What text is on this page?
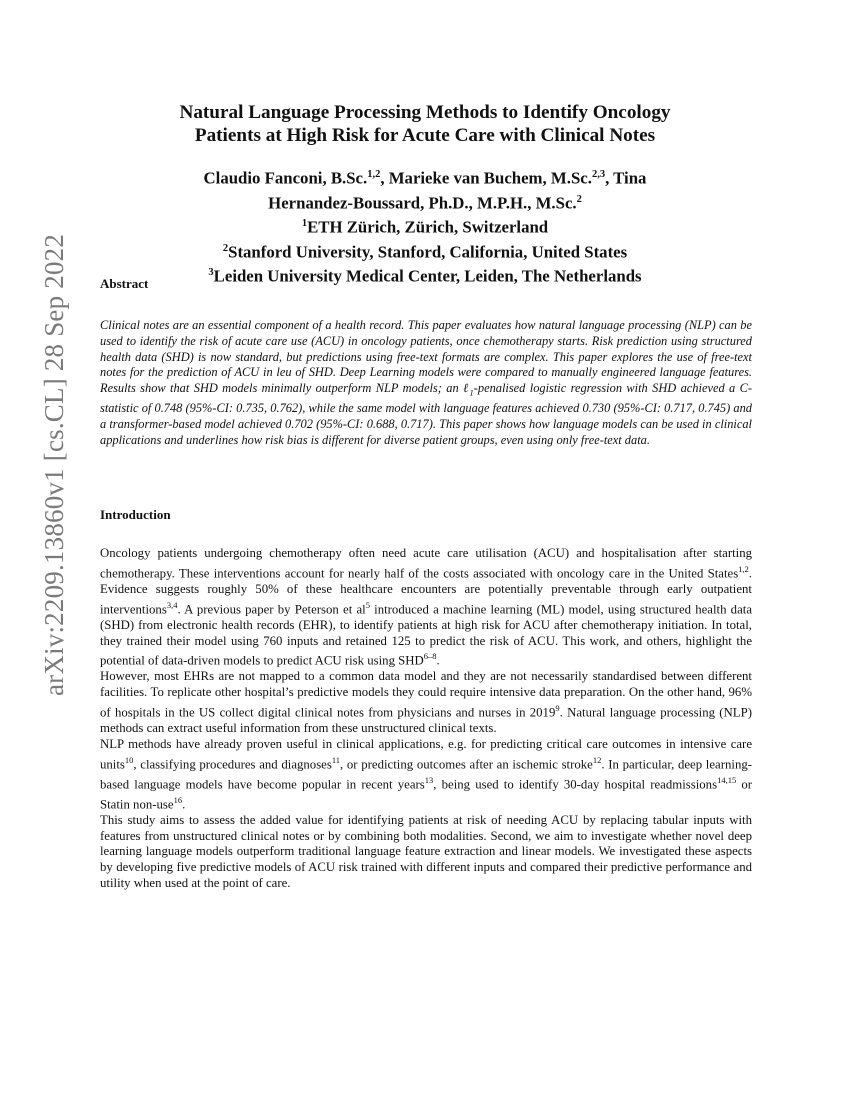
arXiv:2209.13860v1 [cs.CL] 28 Sep 2022
Natural Language Processing Methods to Identify Oncology
Patients at High Risk for Acute Care with Clinical Notes
Claudio Fanconi, B.Sc.$^{1,2}$, Marieke van Buchem, M.Sc.$^{2,3}$, Tina
Hernandez-Boussard, Ph.D., M.P.H., M.Sc.$^2$
$^1$ETH Zürich, Zürich, Switzerland
$^2$Stanford University, Stanford, California, United States
$^3$Leiden University Medical Center, Leiden, The Netherlands
Abstract
Clinical notes are an essential component of a health record. This paper evaluates how natural language processing (NLP) can be used to identify the risk of acute care use (ACU) in oncology patients, once chemotherapy starts. Risk prediction using structured health data (SHD) is now standard, but predictions using free-text formats are complex. This paper explores the use of free-text notes for the prediction of ACU in leu of SHD. Deep Learning models were compared to manually engineered language features. Results show that SHD models minimally outperform NLP models; an ℓ$_1$-penalised logistic regression with SHD achieved a C-statistic of 0.748 (95%-CI: 0.735, 0.762), while the same model with language features achieved 0.730 (95%-CI: 0.717, 0.745) and a transformer-based model achieved 0.702 (95%-CI: 0.688, 0.717). This paper shows how language models can be used in clinical applications and underlines how risk bias is different for diverse patient groups, even using only free-text data.
Introduction

Oncology patients undergoing chemotherapy often need acute care utilisation (ACU) and hospitalisation after starting chemotherapy. These interventions account for nearly half of the costs associated with oncology care in the United States$^{1,2}$. Evidence suggests roughly 50% of these healthcare encounters are potentially preventable through early outpatient interventions$^{3,4}$. A previous paper by Peterson et $al^5$ introduced a machine learning (ML) model, using structured health data (SHD) from electronic health records (EHR), to identify patients at high risk for ACU after chemotherapy initiation. In total, they trained their model using 760 inputs and retained 125 to predict the risk of ACU. This work, and others, highlight the potential of data-driven models to predict ACU risk using SHD$^{6-8}$.

However, most EHRs are not mapped to a common data model and they are not necessarily standardised between different facilities. To replicate other hospital’s predictive models they could require intensive data preparation. On the other hand, 96% of hospitals in the US collect digital clinical notes from physicians and nurses in 2019$^9$. Natural language processing (NLP) methods can extract useful information from these unstructured clinical texts.

NLP methods have already proven useful in clinical applications, e.g. for predicting critical care outcomes in intensive care units$^{10}$, classifying procedures and diagnoses$^{11}$, or predicting outcomes after an ischemic stroke$^{12}$. In particular, deep learning-based language models have become popular in recent years$^{13}$, being used to identify 30-day hospital readmissions$^{14,15}$ or Statin non-use$^{16}$.

This study aims to assess the added value for identifying patients at risk of needing ACU by replacing tabular inputs with features from unstructured clinical notes or by combining both modalities. Second, we aim to investigate whether novel deep learning language models outperform traditional language feature extraction and linear models. We investigated these aspects by developing five predictive models of ACU risk trained with different inputs and compared their predictive performance and utility when used at the point of care.
